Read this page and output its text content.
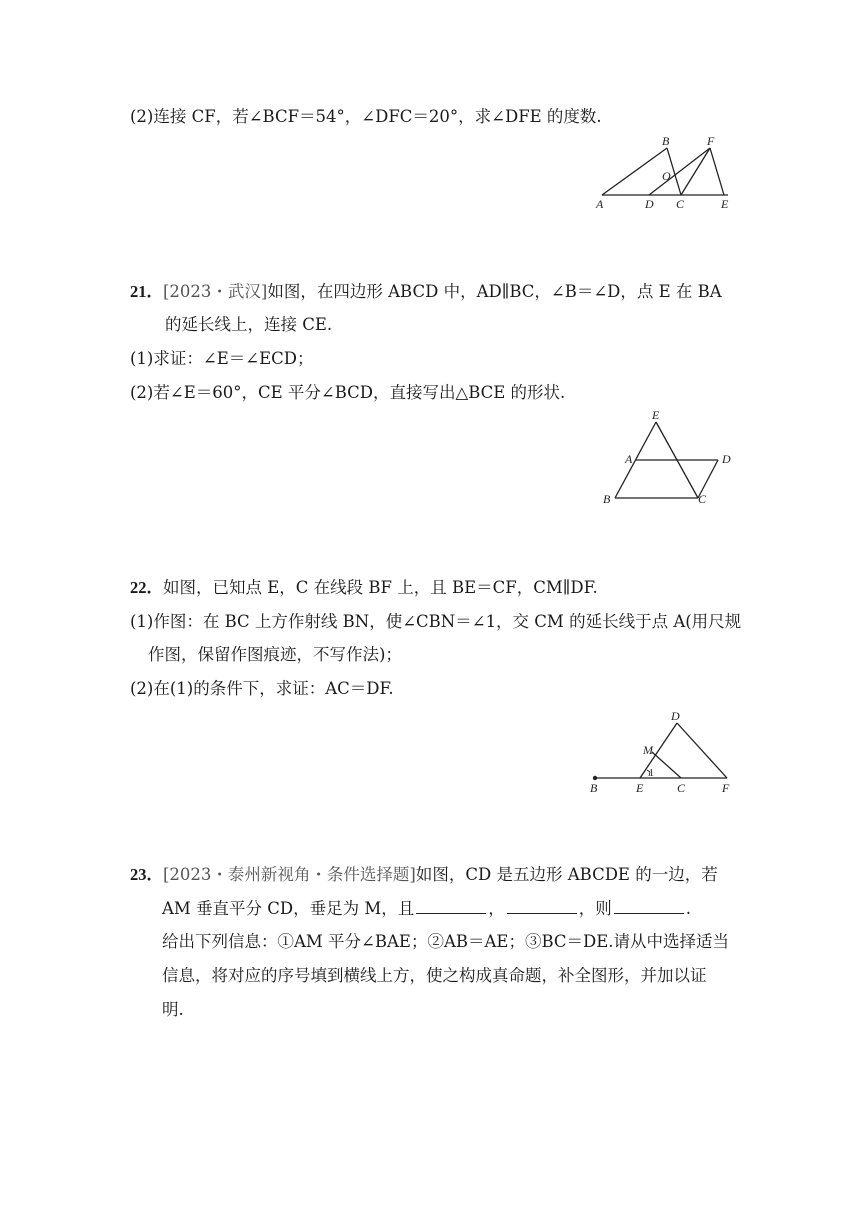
(2)连接 CF，若∠BCF＝54°，∠DFC＝20°，求∠DFE 的度数.
A
B
O
D C
F
E
21．[2023・武汉]如图，在四边形 ABCD 中，AD∥BC，∠B＝∠D，点 E 在 BA
的延长线上，连接 CE.
(1)求证：∠E＝∠ECD；
(2)若∠E＝60°，CE 平分∠BCD，直接写出△BCE 的形状.
E
A	D
B	C
22．如图，已知点 E，C 在线段 BF 上，且 BE＝CF，CM∥DF.
(1)作图：在 BC 上方作射线 BN，使∠CBN＝∠1，交 CM 的延长线于点 A(用尺规
作图，保留作图痕迹，不写作法)；
(2)在(1)的条件下，求证：AC＝DF.
D
M
1
B	E	C	F
23．[2023・泰州新视角・条件选择题]如图，CD 是五边形 ABCDE 的一边，若
AM 垂直平分 CD，垂足为 M，且	，	，则	.
给出下列信息：①AM 平分∠BAE；②AB＝AE；③BC＝DE.请从中选择适当
信息，将对应的序号填到横线上方，使之构成真命题，补全图形，并加以证
明.
